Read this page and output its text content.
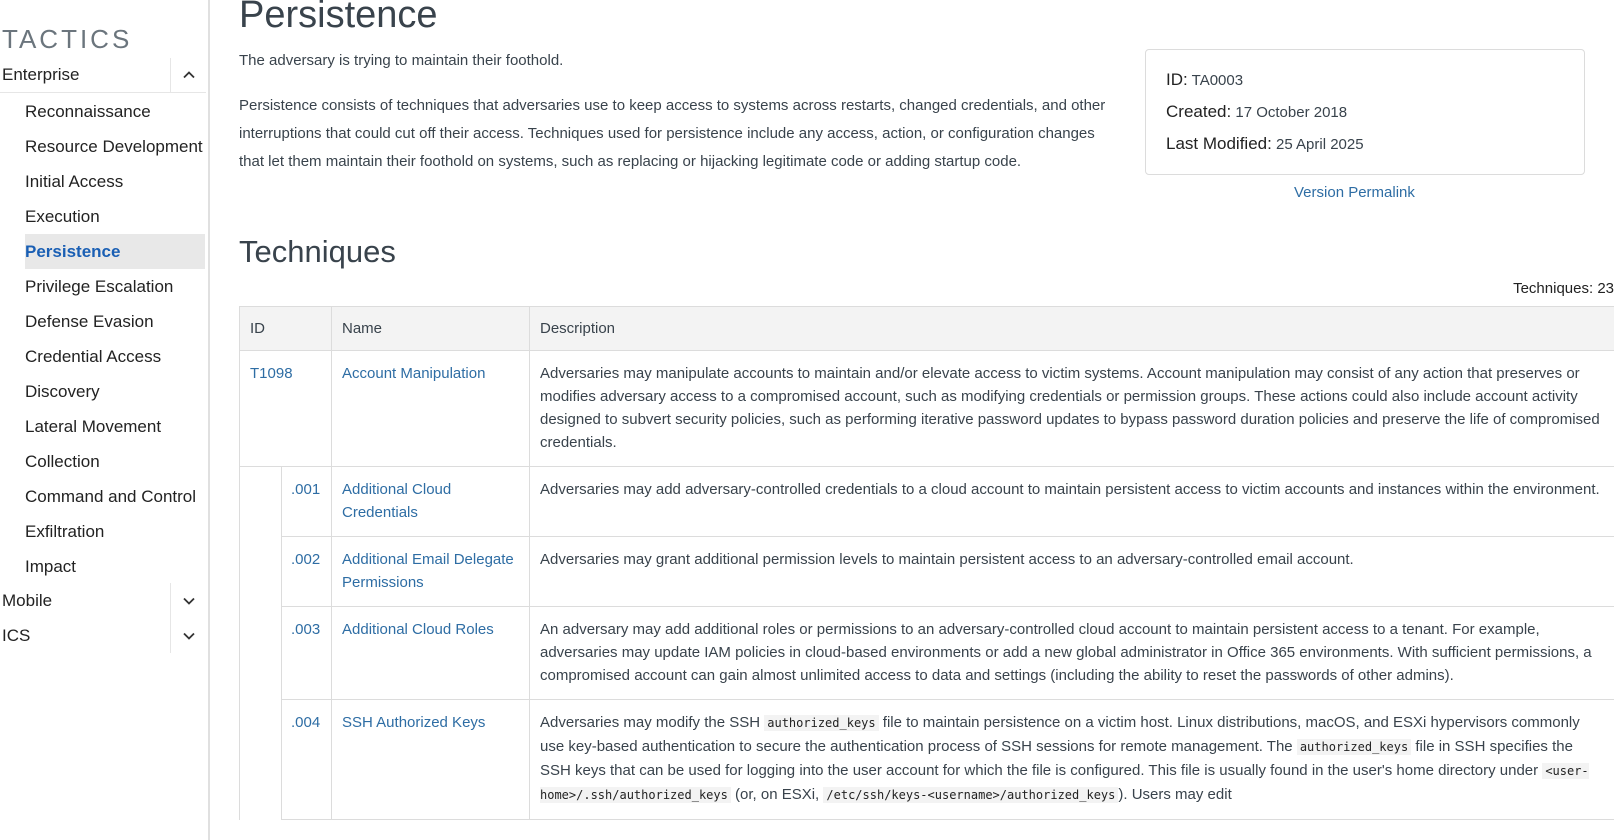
TACTICS
Enterprise
Reconnaissance
Resource Development
Initial Access
Execution
Persistence
Privilege Escalation
Defense Evasion
Credential Access
Discovery
Lateral Movement
Collection
Command and Control
Exfiltration
Impact
Mobile
ICS
Persistence

The adversary is trying to maintain their foothold.

Persistence consists of techniques that adversaries use to keep access to systems across restarts, changed credentials, and other interruptions that could cut off their access. Techniques used for persistence include any access, action, or configuration changes that let them maintain their foothold on systems, such as replacing or hijacking legitimate code or adding startup code.

ID: TA0003
Created: 17 October 2018
Last Modified: 25 April 2025
Version Permalink
Techniques
Techniques: 23
ID		Name	Description
T1098		Account Manipulation	Adversaries may manipulate accounts to maintain and/or elevate access to victim systems. Account manipulation may consist of any action that preserves or modifies adversary access to a compromised account, such as modifying credentials or permission groups. These actions could also include account activity designed to subvert security policies, such as performing iterative password updates to bypass password duration policies and preserve the life of compromised credentials.
	.001	Additional Cloud Credentials	Adversaries may add adversary-controlled credentials to a cloud account to maintain persistent access to victim accounts and instances within the environment.
	.002	Additional Email Delegate Permissions	Adversaries may grant additional permission levels to maintain persistent access to an adversary-controlled email account.
	.003	Additional Cloud Roles	An adversary may add additional roles or permissions to an adversary-controlled cloud account to maintain persistent access to a tenant. For example, adversaries may update IAM policies in cloud-based environments or add a new global administrator in Office 365 environments. With sufficient permissions, a compromised account can gain almost unlimited access to data and settings (including the ability to reset the passwords of other admins).
	.004	SSH Authorized Keys	Adversaries may modify the SSH authorized_keys file to maintain persistence on a victim host. Linux distributions, macOS, and ESXi hypervisors commonly use key-based authentication to secure the authentication process of SSH sessions for remote management. The authorized_keys file in SSH specifies the SSH keys that can be used for logging into the user account for which the file is configured. This file is usually found in the user's home directory under <user-home>/.ssh/authorized_keys (or, on ESXi, /etc/ssh/keys-<username>/authorized_keys ). Users may edit
